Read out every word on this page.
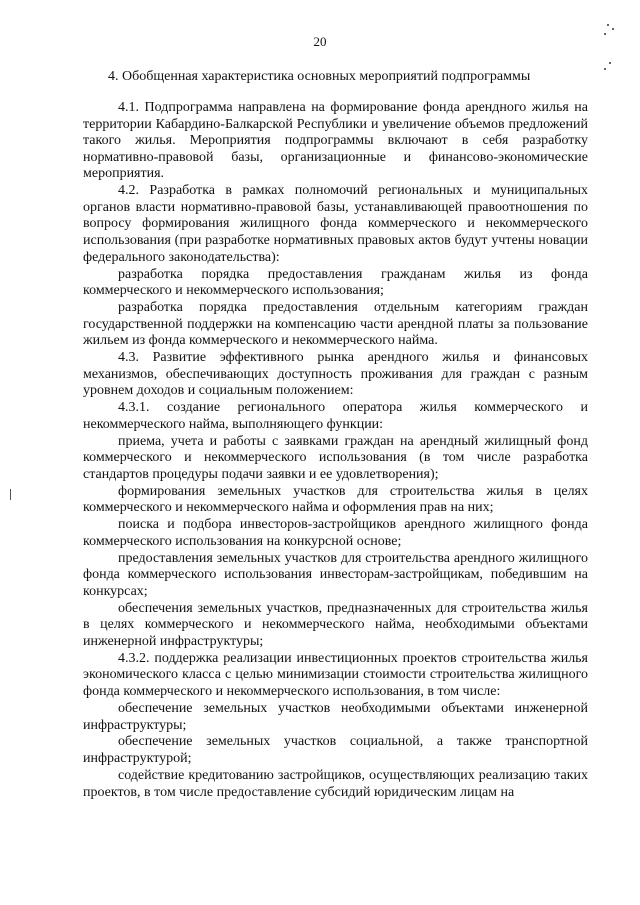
20
4. Обобщенная характеристика основных мероприятий подпрограммы

4.1. Подпрограмма направлена на формирование фонда арендного жилья на территории Кабардино-Балкарской Республики и увеличение объемов предложений такого жилья. Мероприятия подпрограммы включают в себя разработку нормативно-правовой базы, организационные и финансово-экономические мероприятия.

4.2. Разработка в рамках полномочий региональных и муниципальных органов власти нормативно-правовой базы, устанавливающей правоотношения по вопросу формирования жилищного фонда коммерческого и некоммерческого использования (при разработке нормативных правовых актов будут учтены новации федерального законодательства):

разработка порядка предоставления гражданам жилья из фонда коммерческого и некоммерческого использования;

разработка порядка предоставления отдельным категориям граждан государственной поддержки на компенсацию части арендной платы за пользование жильем из фонда коммерческого и некоммерческого найма.

4.3. Развитие эффективного рынка арендного жилья и финансовых механизмов, обеспечивающих доступность проживания для граждан с разным уровнем доходов и социальным положением:

4.3.1. создание регионального оператора жилья коммерческого и некоммерческого найма, выполняющего функции:

приема, учета и работы с заявками граждан на арендный жилищный фонд коммерческого и некоммерческого использования (в том числе разработка стандартов процедуры подачи заявки и ее удовлетворения);

формирования земельных участков для строительства жилья в целях коммерческого и некоммерческого найма и оформления прав на них;

поиска и подбора инвесторов-застройщиков арендного жилищного фонда коммерческого использования на конкурсной основе;

предоставления земельных участков для строительства арендного жилищного фонда коммерческого использования инвесторам-застройщикам, победившим на конкурсах;

обеспечения земельных участков, предназначенных для строительства жилья в целях коммерческого и некоммерческого найма, необходимыми объектами инженерной инфраструктуры;

4.3.2. поддержка реализации инвестиционных проектов строительства жилья экономического класса с целью минимизации стоимости строительства жилищного фонда коммерческого и некоммерческого использования, в том числе:

обеспечение земельных участков необходимыми объектами инженерной инфраструктуры;

обеспечение земельных участков социальной, а также транспортной инфраструктурой;

содействие кредитованию застройщиков, осуществляющих реализацию таких проектов, в том числе предоставление субсидий юридическим лицам на
